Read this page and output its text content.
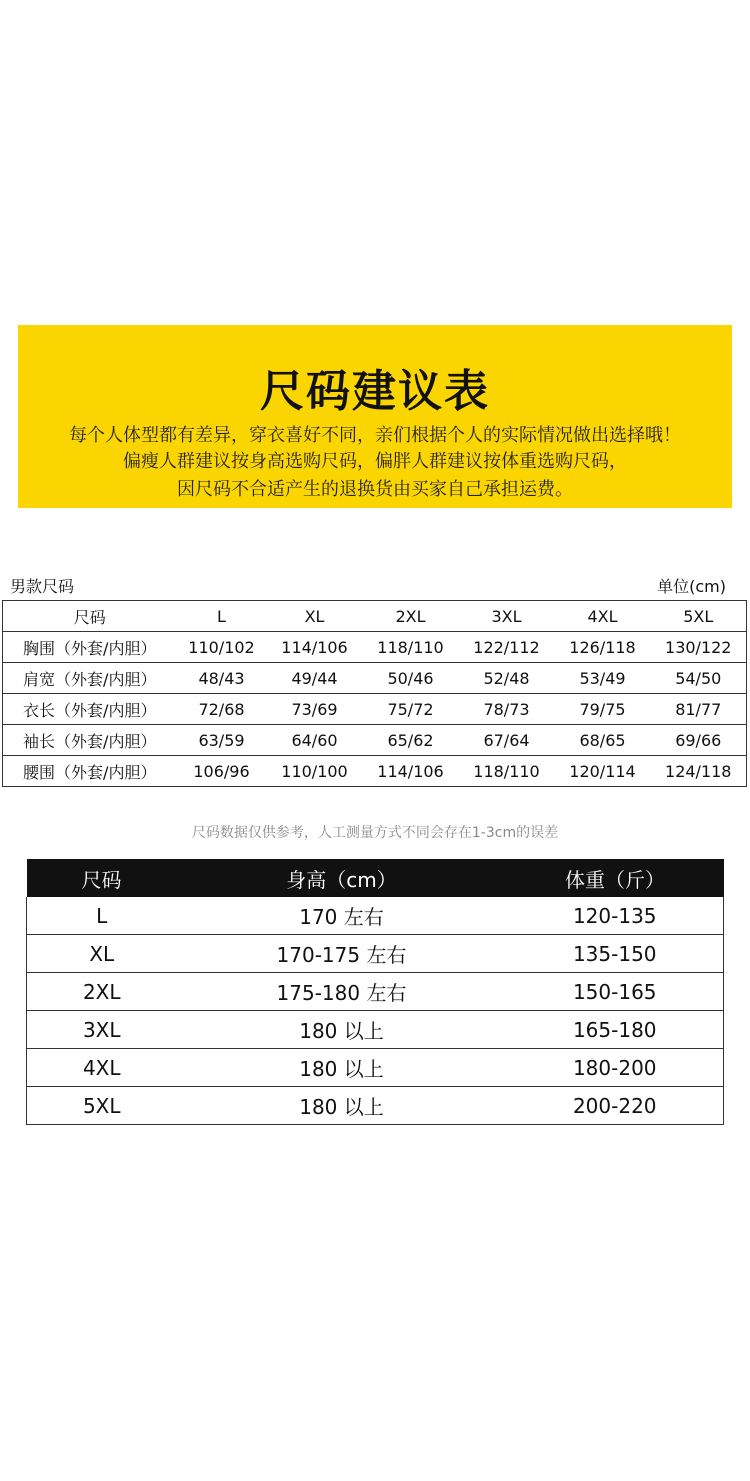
尺码建议表
每个人体型都有差异，穿衣喜好不同，亲们根据个人的实际情况做出选择哦！
偏瘦人群建议按身高选购尺码，偏胖人群建议按体重选购尺码，
因尺码不合适产生的退换货由买家自己承担运费。
男款尺码	单位(cm)
尺码	L	XL	2XL	3XL	4XL	5XL
胸围（外套/内胆）	110/102	114/106	118/110	122/112	126/118	130/122
肩宽（外套/内胆）	48/43	49/44	50/46	52/48	53/49	54/50
衣长（外套/内胆）	72/68	73/69	75/72	78/73	79/75	81/77
袖长（外套/内胆）	63/59	64/60	65/62	67/64	68/65	69/66
腰围（外套/内胆）	106/96	110/100	114/106	118/110	120/114	124/118
尺码数据仅供参考，人工测量方式不同会存在1-3cm的误差
尺码	身高（cm）	体重（斤）
L	170 左右	120-135
XL	170-175 左右	135-150
2XL	175-180 左右	150-165
3XL	180 以上	165-180
4XL	180 以上	180-200
5XL	180 以上	200-220
